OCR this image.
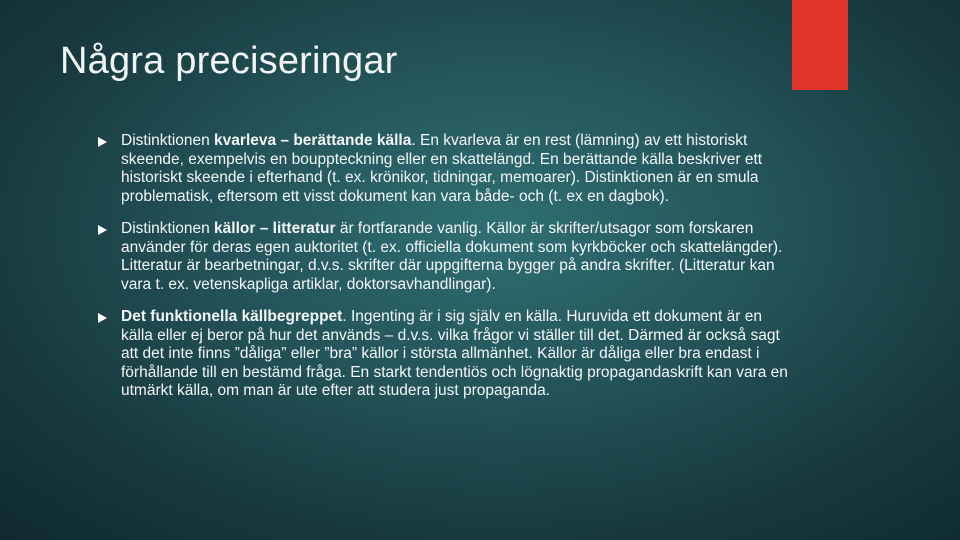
Några preciseringar
Distinktionen kvarleva – berättande källa. En kvarleva är en rest (lämning) av ett historiskt skeende, exempelvis en bouppteckning eller en skattelängd. En berättande källa beskriver ett historiskt skeende i efterhand (t. ex. krönikor, tidningar, memoarer). Distinktionen är en smula problematisk, eftersom ett visst dokument kan vara både- och (t. ex en dagbok).
Distinktionen källor – litteratur är fortfarande vanlig. Källor är skrifter/utsagor som forskaren använder för deras egen auktoritet (t. ex. officiella dokument som kyrkböcker och skattelängder). Litteratur är bearbetningar, d.v.s. skrifter där uppgifterna bygger på andra skrifter. (Litteratur kan vara t. ex. vetenskapliga artiklar, doktorsavhandlingar).
Det funktionella källbegreppet. Ingenting är i sig själv en källa. Huruvida ett dokument är en källa eller ej beror på hur det används – d.v.s. vilka frågor vi ställer till det. Därmed är också sagt att det inte finns ”dåliga” eller ”bra” källor i största allmänhet. Källor är dåliga eller bra endast i förhållande till en bestämd fråga. En starkt tendentiös och lögnaktig propagandaskrift kan vara en utmärkt källa, om man är ute efter att studera just propaganda.
